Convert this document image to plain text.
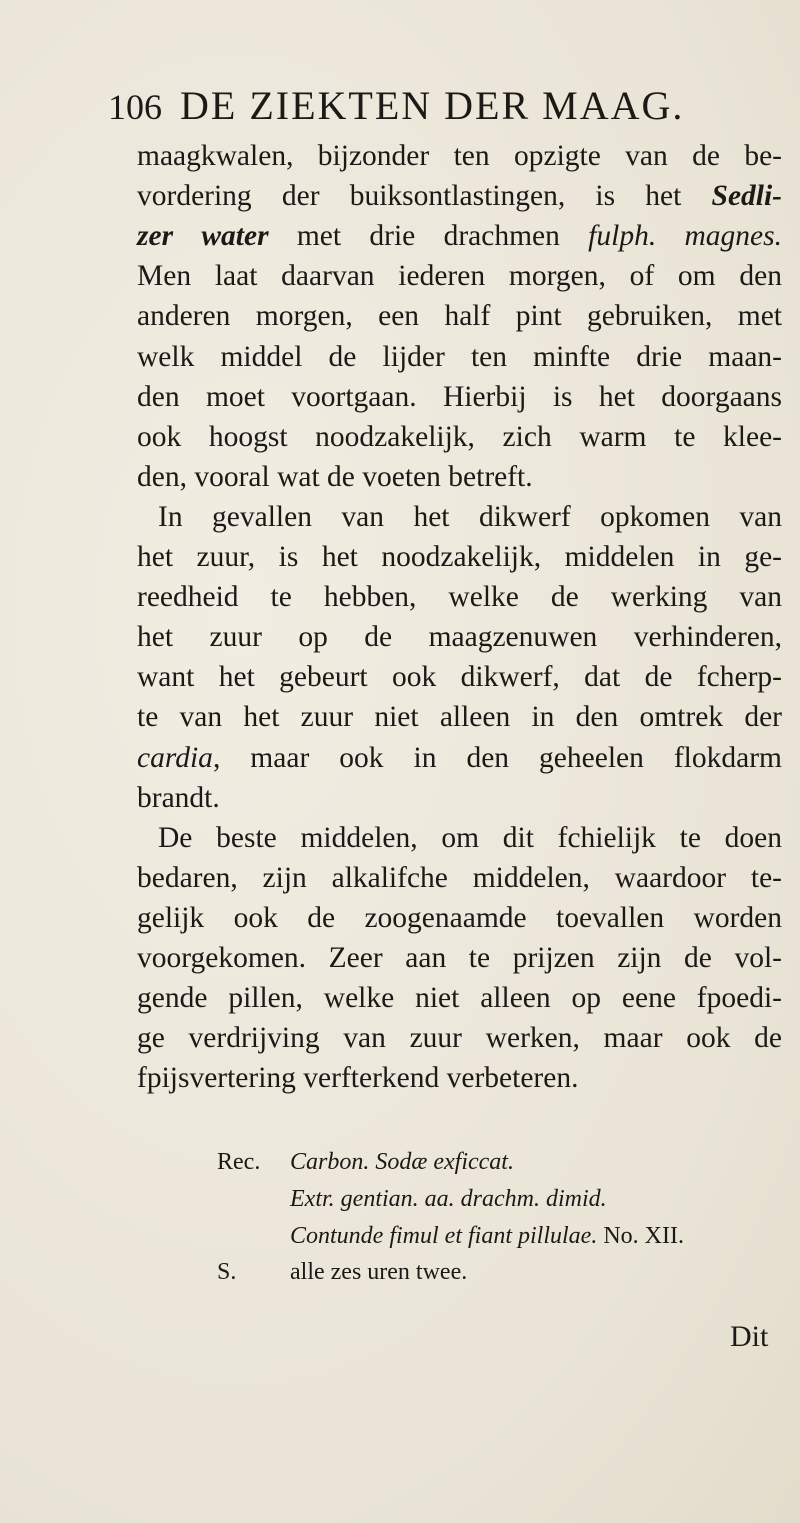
106 DE ZIEKTEN DER MAAG.
maagkwalen, bijzonder ten opzigte van de be-
vordering der buiksontlastingen, is het Sedli-
zer water met drie drachmen fulph. magnes.
Men laat daarvan iederen morgen, of om den
anderen morgen, een half pint gebruiken, met
welk middel de lijder ten minfte drie maan-
den moet voortgaan. Hierbij is het doorgaans
ook hoogst noodzakelijk, zich warm te klee-
den, vooral wat de voeten betreft.
In gevallen van het dikwerf opkomen van
het zuur, is het noodzakelijk, middelen in ge-
reedheid te hebben, welke de werking van
het zuur op de maagzenuwen verhinderen,
want het gebeurt ook dikwerf, dat de fcherp-
te van het zuur niet alleen in den omtrek der
cardia, maar ook in den geheelen flokdarm
brandt.
De beste middelen, om dit fchielijk te doen
bedaren, zijn alkalifche middelen, waardoor te-
gelijk ook de zoogenaamde toevallen worden
voorgekomen. Zeer aan te prijzen zijn de vol-
gende pillen, welke niet alleen op eene fpoedi-
ge verdrijving van zuur werken, maar ook de
fpijsvertering verfterkend verbeteren.
Rec. Carbon. Sodæ exficcat.
Extr. gentian. aa. drachm. dimid.
Contunde fimul et fiant pillulae. No. XII.
S. alle zes uren twee.
Dit
